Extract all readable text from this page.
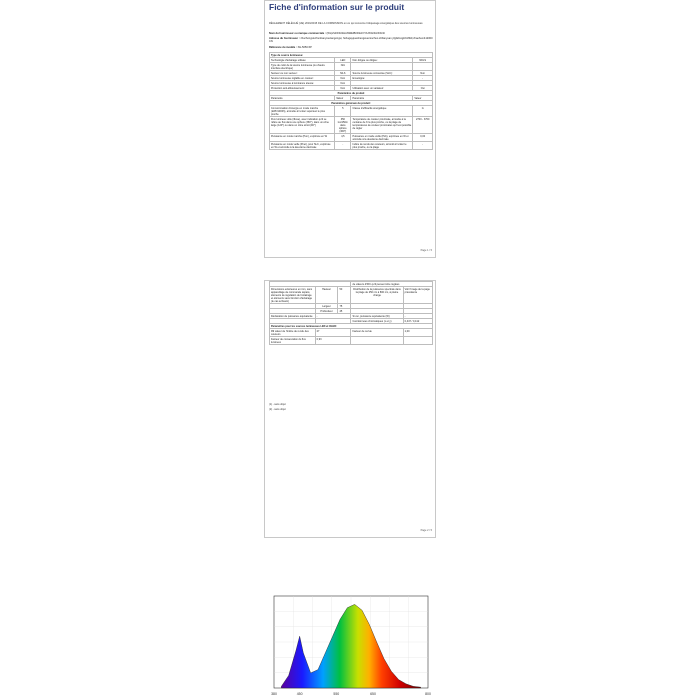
Fiche d'information sur le produit
RÈGLEMENT DÉLÉGUÉ (UE) 2019/2015 DE LA COMMISSION en ce qui concerne l'étiquetage énergétique des sources lumineuses
Nom du fournisseur ou marque commerciale : (WL)ZHONGSHANWEIBOKEJIYOUXIANGONGSI
Adresse du fournisseur : zhuchongxiuzhunbanyouxiangongsi, hshugayqueshengwuenruchuo shifanyuan yfgilsbxqyb9-89dr,zhaohum412000 CN
Référence du modèle : XH-5050-5P
Type de source lumineuse:			
Technologie d'éclairage utilisée:	LED	Non dirigée ou dirigée:	NDLS
Type de culot de la source lumineuse (ou d'autre interface électrique)	N/A		
Secteur ou non secteur:	MLS	Source lumineuse connectée (SLC):	Non
Source lumineuse réglable en couleur:	Non	Enveloppe:	-
Source lumineuse à luminance élevée:	Non		
Protection anti-éblouissement:	Non	Utilisation avec un variateur:	Oui
Paramètres du produit			
Paramètre	Valeur	Paramètre	Valeur
Paramètres généraux du produit:			
Consommation d'énergie en mode marche (kWh/1000h), arrondie à l'entier supérieur le plus proche	5	Classe d'efficacité énergétique	G
Flux lumineux utile (Φuse), avec indication qu'il se réfère au flux dans une sphère (360°), dans un cône large (120°) ou dans un cône étroit (90°)	350 lux/150m dans sphère (360°)	Température de couleur proximale, arrondie à la centaine de K la plus proche, ou la plage de températures de couleur proximales qu'il est possible de régler	2700 - 3700
Puissance en mode marche (Pon), exprimée en W	4,5	Puissance en mode veille (Psb), exprimée en W et arrondie à la deuxième décimale	0,00
Puissance en mode veille (Pnet), pour SLC, exprimée en W et arrondie à la deuxième décimale	-	Indice de rendu des couleurs, arrondi à l'entier le plus proche, ou la plage	-
Page 1 / 5
			de valeurs d'IRC qu'il peuvent être réglées	
Dimensions extérieures en mm, sans appareillage de commande séparé, éléments de régulation de l'éclairage et éléments sans fonction d'éclairage (le cas échéant)	Hauteur	50	Distribution de la puissance spectrale dans la plage de 250 nm à 800 nm, à pleine charge	Voir l'image de la page précédente
	Largeur	75		
	Profondeur	45		
Déclaration de puissance équivalente	-		Si oui, puissance équivalente (W)	-
			Coordonnées chromatiques (x et y)	0,447 / 0,412
Paramètres pour les sources lumineuses LED et OLED:				
R9 valeur de l'indice de rendu des couleurs	27		Facteur de survie	1,00
Facteur de conservation du flux lumineux	0,93			
(1) - sans objet
(2) - sans objet
Page 2 / 5
380	450	550	650	800
